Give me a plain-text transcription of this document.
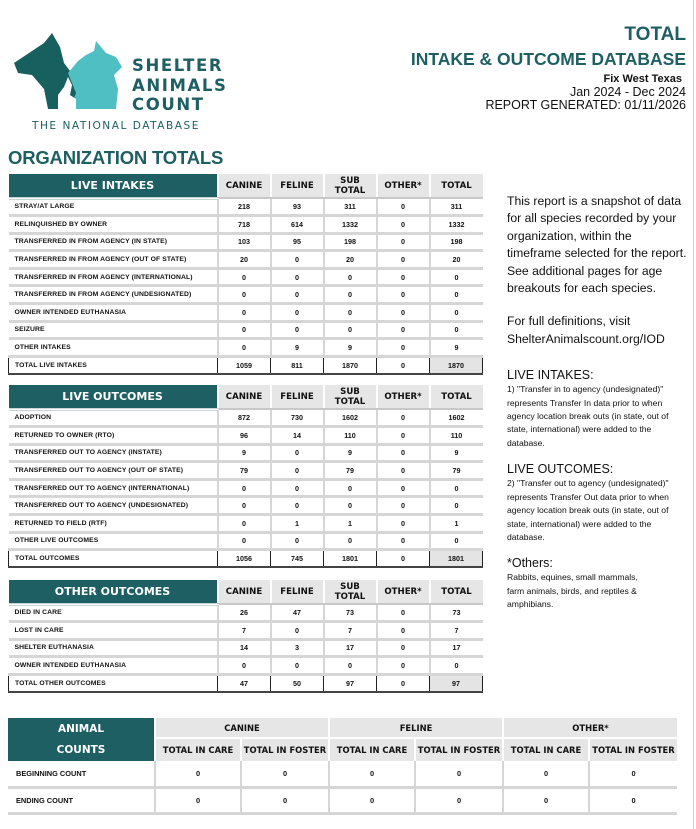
SHELTER
ANIMALS
COUNT
THE NATIONAL DATABASE
TOTAL
INTAKE & OUTCOME DATABASE
Fix West Texas
Jan 2024 - Dec 2024
REPORT GENERATED: 01/11/2026
ORGANIZATION TOTALS
LIVE INTAKES	CANINE	FELINE	SUB TOTAL	OTHER*	TOTAL
STRAY/AT LARGE	218	93	311	0	311
RELINQUISHED BY OWNER	718	614	1332	0	1332
TRANSFERRED IN FROM AGENCY (IN STATE)	103	95	198	0	198
TRANSFERRED IN FROM AGENCY (OUT OF STATE)	20	0	20	0	20
TRANSFERRED IN FROM AGENCY (INTERNATIONAL)	0	0	0	0	0
TRANSFERRED IN FROM AGENCY (UNDESIGNATED)	0	0	0	0	0
OWNER INTENDED EUTHANASIA	0	0	0	0	0
SEIZURE	0	0	0	0	0
OTHER INTAKES	0	9	9	0	9
TOTAL LIVE INTAKES	1059	811	1870	0	1870
LIVE OUTCOMES	CANINE	FELINE	SUB TOTAL	OTHER*	TOTAL
ADOPTION	872	730	1602	0	1602
RETURNED TO OWNER (RTO)	96	14	110	0	110
TRANSFERRED OUT TO AGENCY (INSTATE)	9	0	9	0	9
TRANSFERRED OUT TO AGENCY (OUT OF STATE)	79	0	79	0	79
TRANSFERRED OUT TO AGENCY (INTERNATIONAL)	0	0	0	0	0
TRANSFERRED OUT TO AGENCY (UNDESIGNATED)	0	0	0	0	0
RETURNED TO FIELD (RTF)	0	1	1	0	1
OTHER LIVE OUTCOMES	0	0	0	0	0
TOTAL OUTCOMES	1056	745	1801	0	1801
OTHER OUTCOMES	CANINE	FELINE	SUB TOTAL	OTHER*	TOTAL
DIED IN CARE	26	47	73	0	73
LOST IN CARE	7	0	7	0	7
SHELTER EUTHANASIA	14	3	17	0	17
OWNER INTENDED EUTHANASIA	0	0	0	0	0
TOTAL OTHER OUTCOMES	47	50	97	0	97
This report is a snapshot of data for all species recorded by your organization, within the timeframe selected for the report. See additional pages for age breakouts for each species.
For full definitions, visit
ShelterAnimalscount.org/IOD
LIVE INTAKES:
1) "Transfer in to agency (undesignated)" represents Transfer In data prior to when agency location break outs (in state, out of state, international) were added to the database.
LIVE OUTCOMES:
2) "Transfer out to agency (undesignated)" represents Transfer Out data prior to when agency location break outs (in state, out of state, international) were added to the database.
*Others:
Rabbits, equines, small mammals, farm animals, birds, and reptiles & amphibians.
ANIMAL
COUNTS	CANINE		FELINE		OTHER*	
	TOTAL IN CARE	TOTAL IN FOSTER	TOTAL IN CARE	TOTAL IN FOSTER	TOTAL IN CARE	TOTAL IN FOSTER
BEGINNING COUNT	0	0	0	0	0	0
ENDING COUNT	0	0	0	0	0	0
